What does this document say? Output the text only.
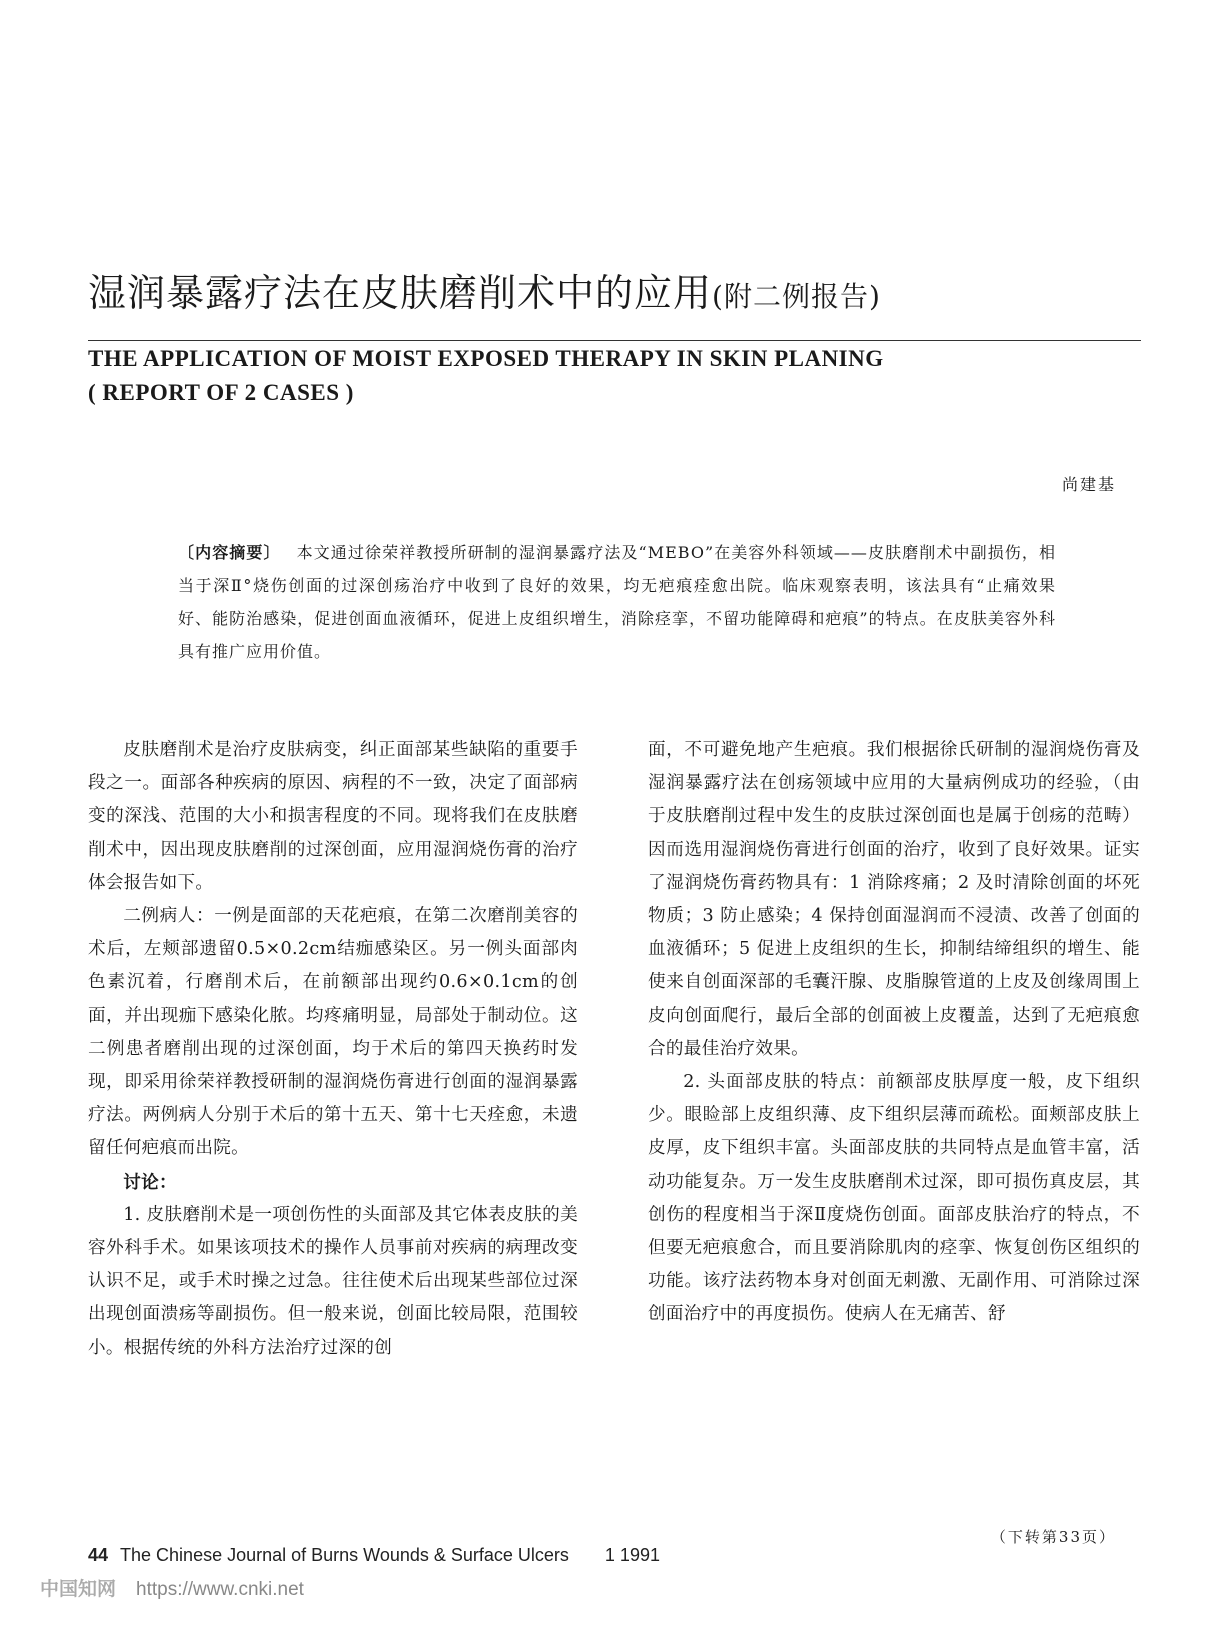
湿润暴露疗法在皮肤磨削术中的应用(附二例报告)
THE APPLICATION OF MOIST EXPOSED THERAPY IN SKIN PLANING
( REPORT OF 2 CASES )
尚建基
〔内容摘要〕 本文通过徐荣祥教授所研制的湿润暴露疗法及“MEBO”在美容外科领域——皮肤磨削术中副损伤，相当于深Ⅱ°烧伤创面的过深创疡治疗中收到了良好的效果，均无疤痕痊愈出院。临床观察表明，该法具有“止痛效果好、能防治感染，促进创面血液循环，促进上皮组织增生，消除痉挛，不留功能障碍和疤痕”的特点。在皮肤美容外科具有推广应用价值。

皮肤磨削术是治疗皮肤病变，纠正面部某些缺陷的重要手段之一。面部各种疾病的原因、病程的不一致，决定了面部病变的深浅、范围的大小和损害程度的不同。现将我们在皮肤磨削术中，因出现皮肤磨削的过深创面，应用湿润烧伤膏的治疗体会报告如下。

二例病人：一例是面部的天花疤痕，在第二次磨削美容的术后，左颊部遗留0.5×0.2cm结痂感染区。另一例头面部肉色素沉着，行磨削术后，在前额部出现约0.6×0.1cm的创面，并出现痂下感染化脓。均疼痛明显，局部处于制动位。这二例患者磨削出现的过深创面，均于术后的第四天换药时发现，即采用徐荣祥教授研制的湿润烧伤膏进行创面的湿润暴露疗法。两例病人分别于术后的第十五天、第十七天痊愈，未遗留任何疤痕而出院。

讨论：

1. 皮肤磨削术是一项创伤性的头面部及其它体表皮肤的美容外科手术。如果该项技术的操作人员事前对疾病的病理改变认识不足，或手术时操之过急。往往使术后出现某些部位过深出现创面溃疡等副损伤。但一般来说，创面比较局限，范围较小。根据传统的外科方法治疗过深的创

面，不可避免地产生疤痕。我们根据徐氏研制的湿润烧伤膏及湿润暴露疗法在创疡领域中应用的大量病例成功的经验，（由于皮肤磨削过程中发生的皮肤过深创面也是属于创疡的范畴）因而选用湿润烧伤膏进行创面的治疗，收到了良好效果。证实了湿润烧伤膏药物具有：1 消除疼痛；2 及时清除创面的坏死物质；3 防止感染；4 保持创面湿润而不浸渍、改善了创面的血液循环；5 促进上皮组织的生长，抑制结缔组织的增生、能使来自创面深部的毛囊汗腺、皮脂腺管道的上皮及创缘周围上皮向创面爬行，最后全部的创面被上皮覆盖，达到了无疤痕愈合的最佳治疗效果。

2. 头面部皮肤的特点：前额部皮肤厚度一般，皮下组织少。眼睑部上皮组织薄、皮下组织层薄而疏松。面颊部皮肤上皮厚，皮下组织丰富。头面部皮肤的共同特点是血管丰富，活动功能复杂。万一发生皮肤磨削术过深，即可损伤真皮层，其创伤的程度相当于深Ⅱ度烧伤创面。面部皮肤治疗的特点，不但要无疤痕愈合，而且要消除肌肉的痉挛、恢复创伤区组织的功能。该疗法药物本身对创面无刺激、无副作用、可消除过深创面治疗中的再度损伤。使病人在无痛苦、舒

（下转第33页）
44 The Chinese Journal of Burns Wounds & Surface Ulcers 1 1991
中国知网 https://www.cnki.net
